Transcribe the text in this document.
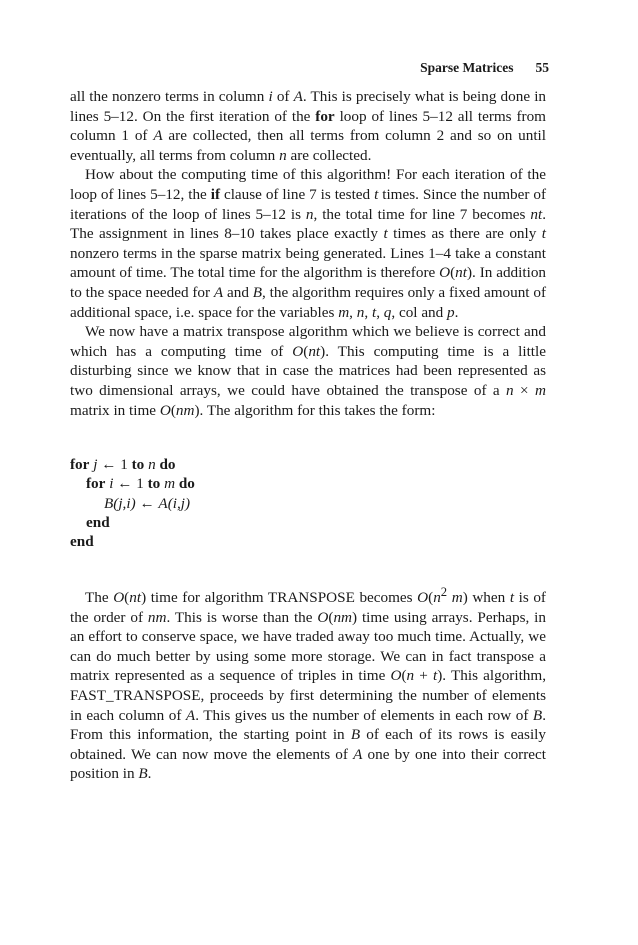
Sparse Matrices 55

all the nonzero terms in column i of A. This is precisely what is being done in lines 5–12. On the first iteration of the for loop of lines 5–12 all terms from column 1 of A are collected, then all terms from column 2 and so on until eventually, all terms from column n are collected.

How about the computing time of this algorithm! For each iteration of the loop of lines 5–12, the if clause of line 7 is tested t times. Since the number of iterations of the loop of lines 5–12 is n, the total time for line 7 becomes nt. The assignment in lines 8–10 takes place exactly t times as there are only t nonzero terms in the sparse matrix being generated. Lines 1–4 take a constant amount of time. The total time for the algorithm is therefore O(nt). In addition to the space needed for A and B, the algorithm requires only a fixed amount of additional space, i.e. space for the variables m, n, t, q, col and p.

We now have a matrix transpose algorithm which we believe is correct and which has a computing time of O(nt). This computing time is a little disturbing since we know that in case the matrices had been represented as two dimensional arrays, we could have obtained the transpose of a n × m matrix in time O(nm). The algorithm for this takes the form:

for j ← 1 to n do
for i ← 1 to m do
B(j,i) ← A(i,j)
end
end

The O(nt) time for algorithm TRANSPOSE becomes $O(n^2$ m) when t is of the order of nm. This is worse than the O(nm) time using arrays. Perhaps, in an effort to conserve space, we have traded away too much time. Actually, we can do much better by using some more storage. We can in fact transpose a matrix represented as a sequence of triples in time O(n + t). This algorithm, FAST_TRANSPOSE, proceeds by first determining the number of elements in each column of A. This gives us the number of elements in each row of B. From this information, the starting point in B of each of its rows is easily obtained. We can now move the elements of A one by one into their correct position in B.
